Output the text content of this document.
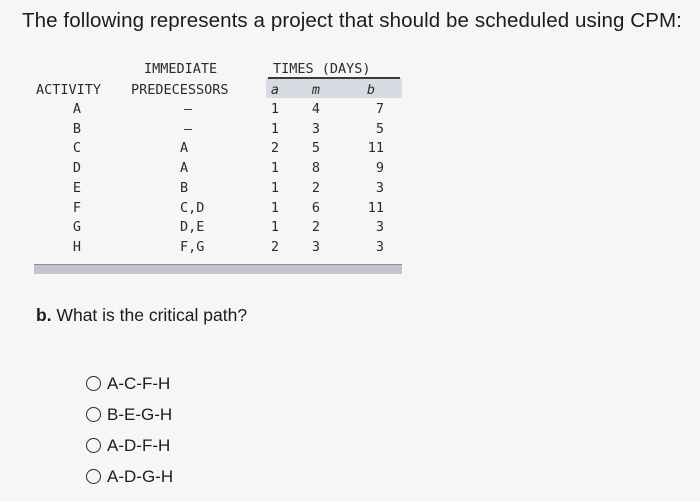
The following represents a project that should be scheduled using CPM:
IMMEDIATE	TIMES (DAYS)
ACTIVITY PREDECESSORS	a m	b
A	—	1 4	7
B	—	1 3	5
C	A	2 5	11
D	A	1 8	9
E	B	1 2	3
F	C,D	1 6	11
G	D,E	1 2	3
H	F,G	2 3	3
b. What is the critical path?
A-C-F-H
B-E-G-H
A-D-F-H
A-D-G-H
